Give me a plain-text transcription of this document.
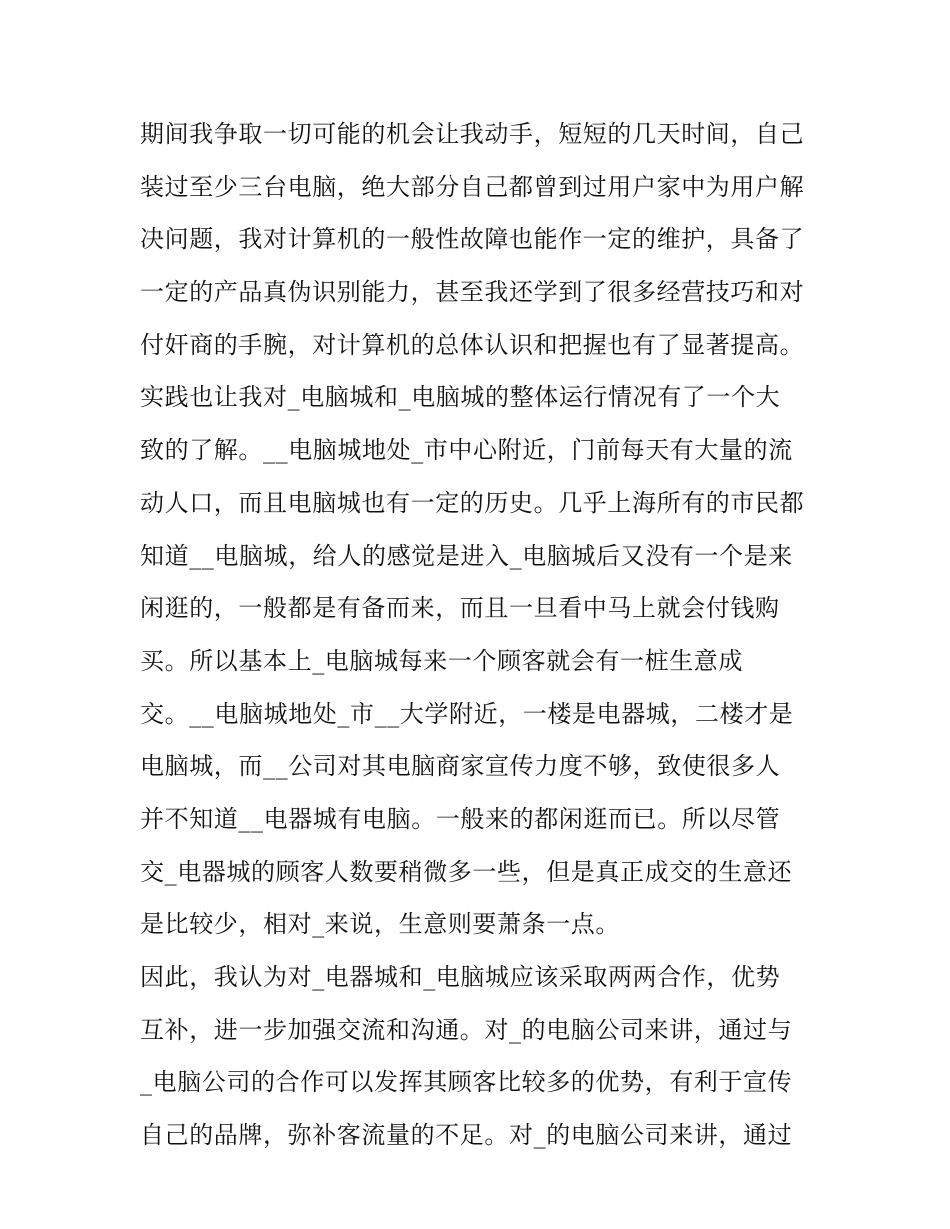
期间我争取一切可能的机会让我动手，短短的几天时间，自己
装过至少三台电脑，绝大部分自己都曾到过用户家中为用户解
决问题，我对计算机的一般性故障也能作一定的维护，具备了
一定的产品真伪识别能力，甚至我还学到了很多经营技巧和对
付奸商的手腕，对计算机的总体认识和把握也有了显著提高。
实践也让我对_电脑城和_电脑城的整体运行情况有了一个大
致的了解。__电脑城地处_市中心附近，门前每天有大量的流
动人口，而且电脑城也有一定的历史。几乎上海所有的市民都
知道__电脑城，给人的感觉是进入_电脑城后又没有一个是来
闲逛的，一般都是有备而来，而且一旦看中马上就会付钱购
买。所以基本上_电脑城每来一个顾客就会有一桩生意成
交。__电脑城地处_市__大学附近，一楼是电器城，二楼才是
电脑城，而__公司对其电脑商家宣传力度不够，致使很多人
并不知道__电器城有电脑。一般来的都闲逛而已。所以尽管
交_电器城的顾客人数要稍微多一些，但是真正成交的生意还
是比较少，相对_来说，生意则要萧条一点。
因此，我认为对_电器城和_电脑城应该采取两两合作，优势
互补，进一步加强交流和沟通。对_的电脑公司来讲，通过与
_电脑公司的合作可以发挥其顾客比较多的优势，有利于宣传
自己的品牌，弥补客流量的不足。对_的电脑公司来讲，通过
